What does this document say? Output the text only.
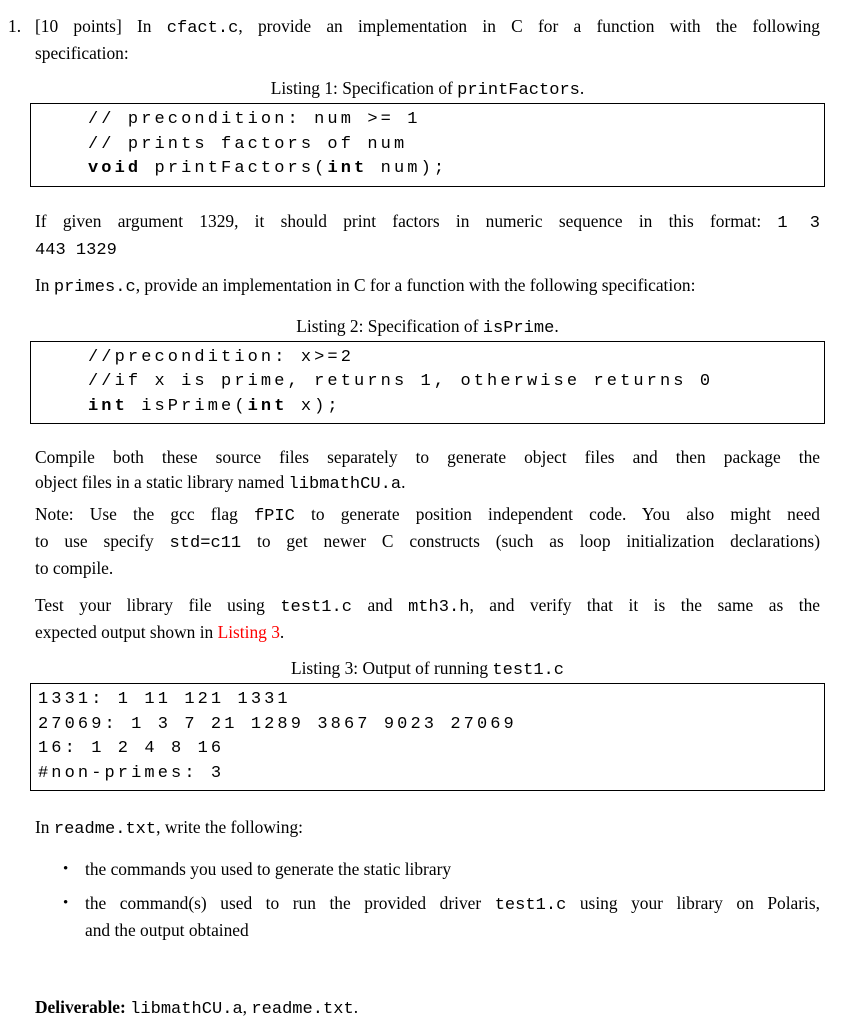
1. [10 points] In cfact.c, provide an implementation in C for a function with the following
specification:
Listing 1: Specification of printFactors.
// precondition: num >= 1
// prints factors of num
void printFactors(int num);
If given argument 1329, it should print factors in numeric sequence in this format: 1 3
443 1329
In primes.c, provide an implementation in C for a function with the following specification:
Listing 2: Specification of isPrime.
//precondition: x>=2
//if x is prime, returns 1, otherwise returns 0
int isPrime(int x);
Compile both these source files separately to generate object files and then package the
object files in a static library named libmathCU.a.
Note: Use the gcc flag fPIC to generate position independent code. You also might need
to use specify std=c11 to get newer C constructs (such as loop initialization declarations)
to compile.
Test your library file using test1.c and mth3.h, and verify that it is the same as the
expected output shown in Listing 3.
Listing 3: Output of running test1.c
1331: 1 11 121 1331
27069: 1 3 7 21 1289 3867 9023 27069
16: 1 2 4 8 16
#non-primes: 3
In readme.txt, write the following:
• the commands you used to generate the static library
• the command(s) used to run the provided driver test1.c using your library on Polaris,
and the output obtained
Deliverable: libmathCU.a, readme.txt.
